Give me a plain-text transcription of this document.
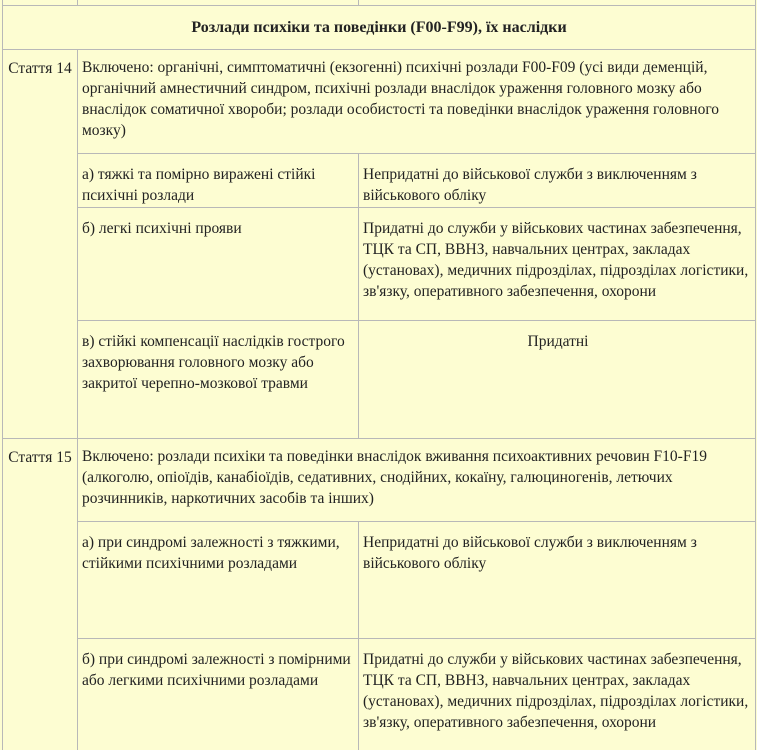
Розлади психіки та поведінки (F00-F99), їх наслідки		
Стаття 14	Включено: органічні, симптоматичні (екзогенні) психічні розлади F00-F09 (усі види деменцій, органічний амнестичний синдром, психічні розлади внаслідок ураження головного мозку або внаслідок соматичної хвороби; розлади особистості та поведінки внаслідок ураження головного мозку)	
	а) тяжкі та помірно виражені стійкі психічні розлади	Непридатні до військової служби з виключенням з військового обліку
	б) легкі психічні прояви	Придатні до служби у військових частинах забезпечення, ТЦК та СП, ВВНЗ, навчальних центрах, закладах (установах), медичних підрозділах, підрозділах логістики, зв'язку, оперативного забезпечення, охорони
	в) стійкі компенсації наслідків гострого захворювання головного мозку або закритої черепно-мозкової травми	Придатні
Стаття 15	Включено: розлади психіки та поведінки внаслідок вживання психоактивних речовин F10-F19 (алкоголю, опіоїдів, канабіоїдів, седативних, снодійних, кокаїну, галюциногенів, летючих розчинників, наркотичних засобів та інших)	
	а) при синдромі залежності з тяжкими, стійкими психічними розладами	Непридатні до військової служби з виключенням з військового обліку
	б) при синдромі залежності з помірними або легкими психічними розладами	Придатні до служби у військових частинах забезпечення, ТЦК та СП, ВВНЗ, навчальних центрах, закладах (установах), медичних підрозділах, підрозділах логістики, зв'язку, оперативного забезпечення, охорони
